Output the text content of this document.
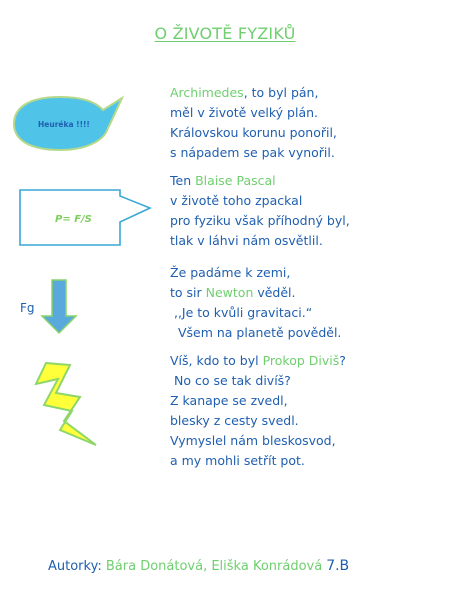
O ŽIVOTĚ FYZIKŮ
Heuréka !!!!
P= F/S
Fg
Archimedes, to byl pán,
měl v životě velký plán.
Královskou korunu ponořil,
s nápadem se pak vynořil.
Ten Blaise Pascal
v životě toho zpackal
pro fyziku však příhodný byl,
tlak v láhvi nám osvětlil.
Že padáme k zemi,
to sir Newton věděl.
,,Je to kvůli gravitaci.“
Všem na planetě pověděl.
Víš, kdo to byl Prokop Diviš?
No co se tak divíš?
Z kanape se zvedl,
blesky z cesty svedl.
Vymyslel nám bleskosvod,
a my mohli setřít pot.
Autorky: Bára Donátová, Eliška Konrádová 7.B
